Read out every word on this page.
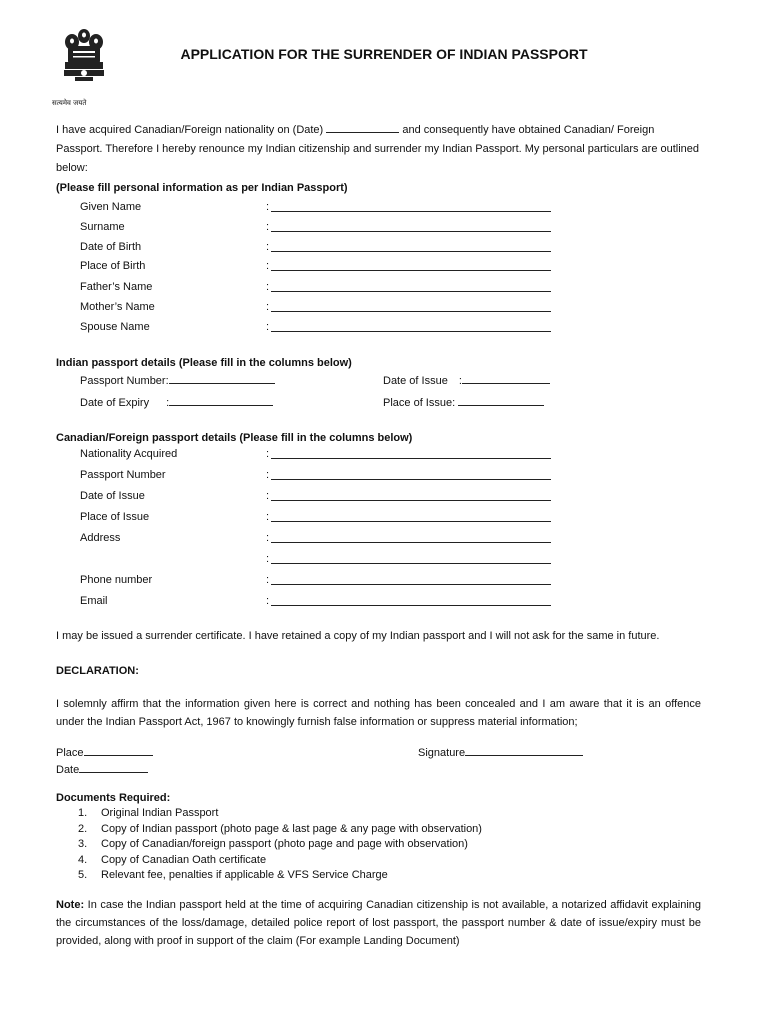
सत्यमेव जयते
APPLICATION FOR THE SURRENDER OF INDIAN PASSPORT
I have acquired Canadian/Foreign nationality on (Date)	and consequently have obtained Canadian/ Foreign Passport. Therefore I hereby renounce my Indian citizenship and surrender my Indian Passport. My personal particulars are outlined below:
(Please fill personal information as per Indian Passport)
Given Name	:
Surname	:
Date of Birth	:
Place of Birth	:
Father’s Name	:
Mother’s Name	:
Spouse Name	:
Indian passport details (Please fill in the columns below)
Passport Number:	Date of Issue :
Date of Expiry :	Place of Issue:
Canadian/Foreign passport details (Please fill in the columns below)
Nationality Acquired	:
Passport Number	:
Date of Issue	:
Place of Issue	:
Address	:
:
Phone number	:
Email	:
I may be issued a surrender certificate. I have retained a copy of my Indian passport and I will not ask for the same in future.
DECLARATION:
I solemnly affirm that the information given here is correct and nothing has been concealed and I am aware that it is an offence under the Indian Passport Act, 1967 to knowingly furnish false information or suppress material information;
Place
Date
Signature
Documents Required:
1. Original Indian Passport
2. Copy of Indian passport (photo page & last page & any page with observation)
3. Copy of Canadian/foreign passport (photo page and page with observation)
4. Copy of Canadian Oath certificate
5. Relevant fee, penalties if applicable & VFS Service Charge
Note: In case the Indian passport held at the time of acquiring Canadian citizenship is not available, a notarized affidavit explaining the circumstances of the loss/damage, detailed police report of lost passport, the passport number & date of issue/expiry must be provided, along with proof in support of the claim (For example Landing Document)
